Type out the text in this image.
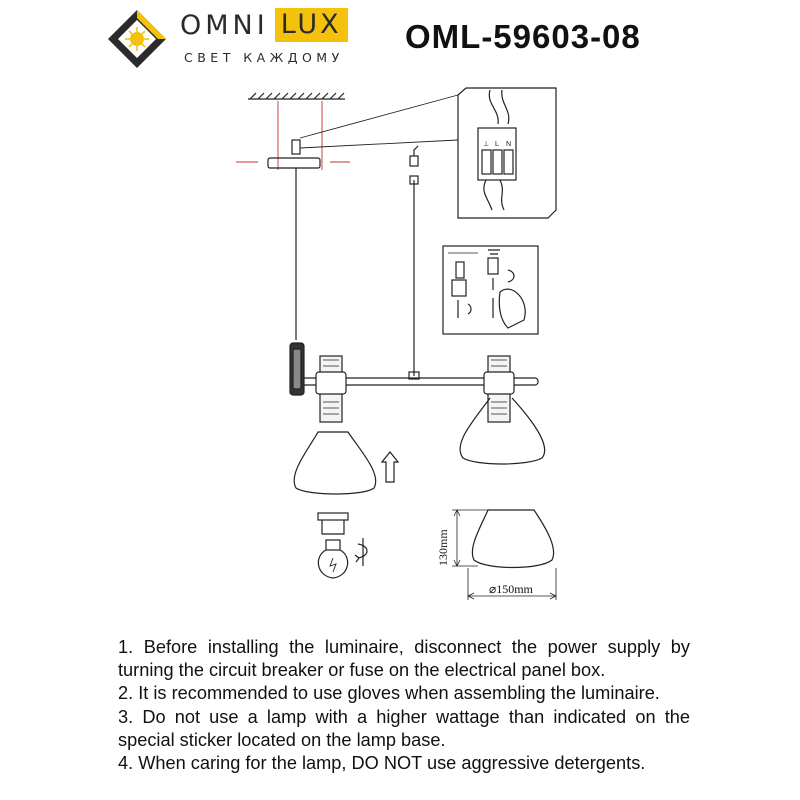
OMNI LUX
СВЕТ КАЖДОМУ
OML-59603-08
⊥ L N
130mm
⌀150mm
1. Before installing the luminaire, disconnect the power supply by turning the circuit breaker or fuse on the electrical panel box.
2. It is recommended to use gloves when assembling the luminaire.
3. Do not use a lamp with a higher wattage than indicated on the special sticker located on the lamp base.
4. When caring for the lamp, DO NOT use aggressive detergents.
